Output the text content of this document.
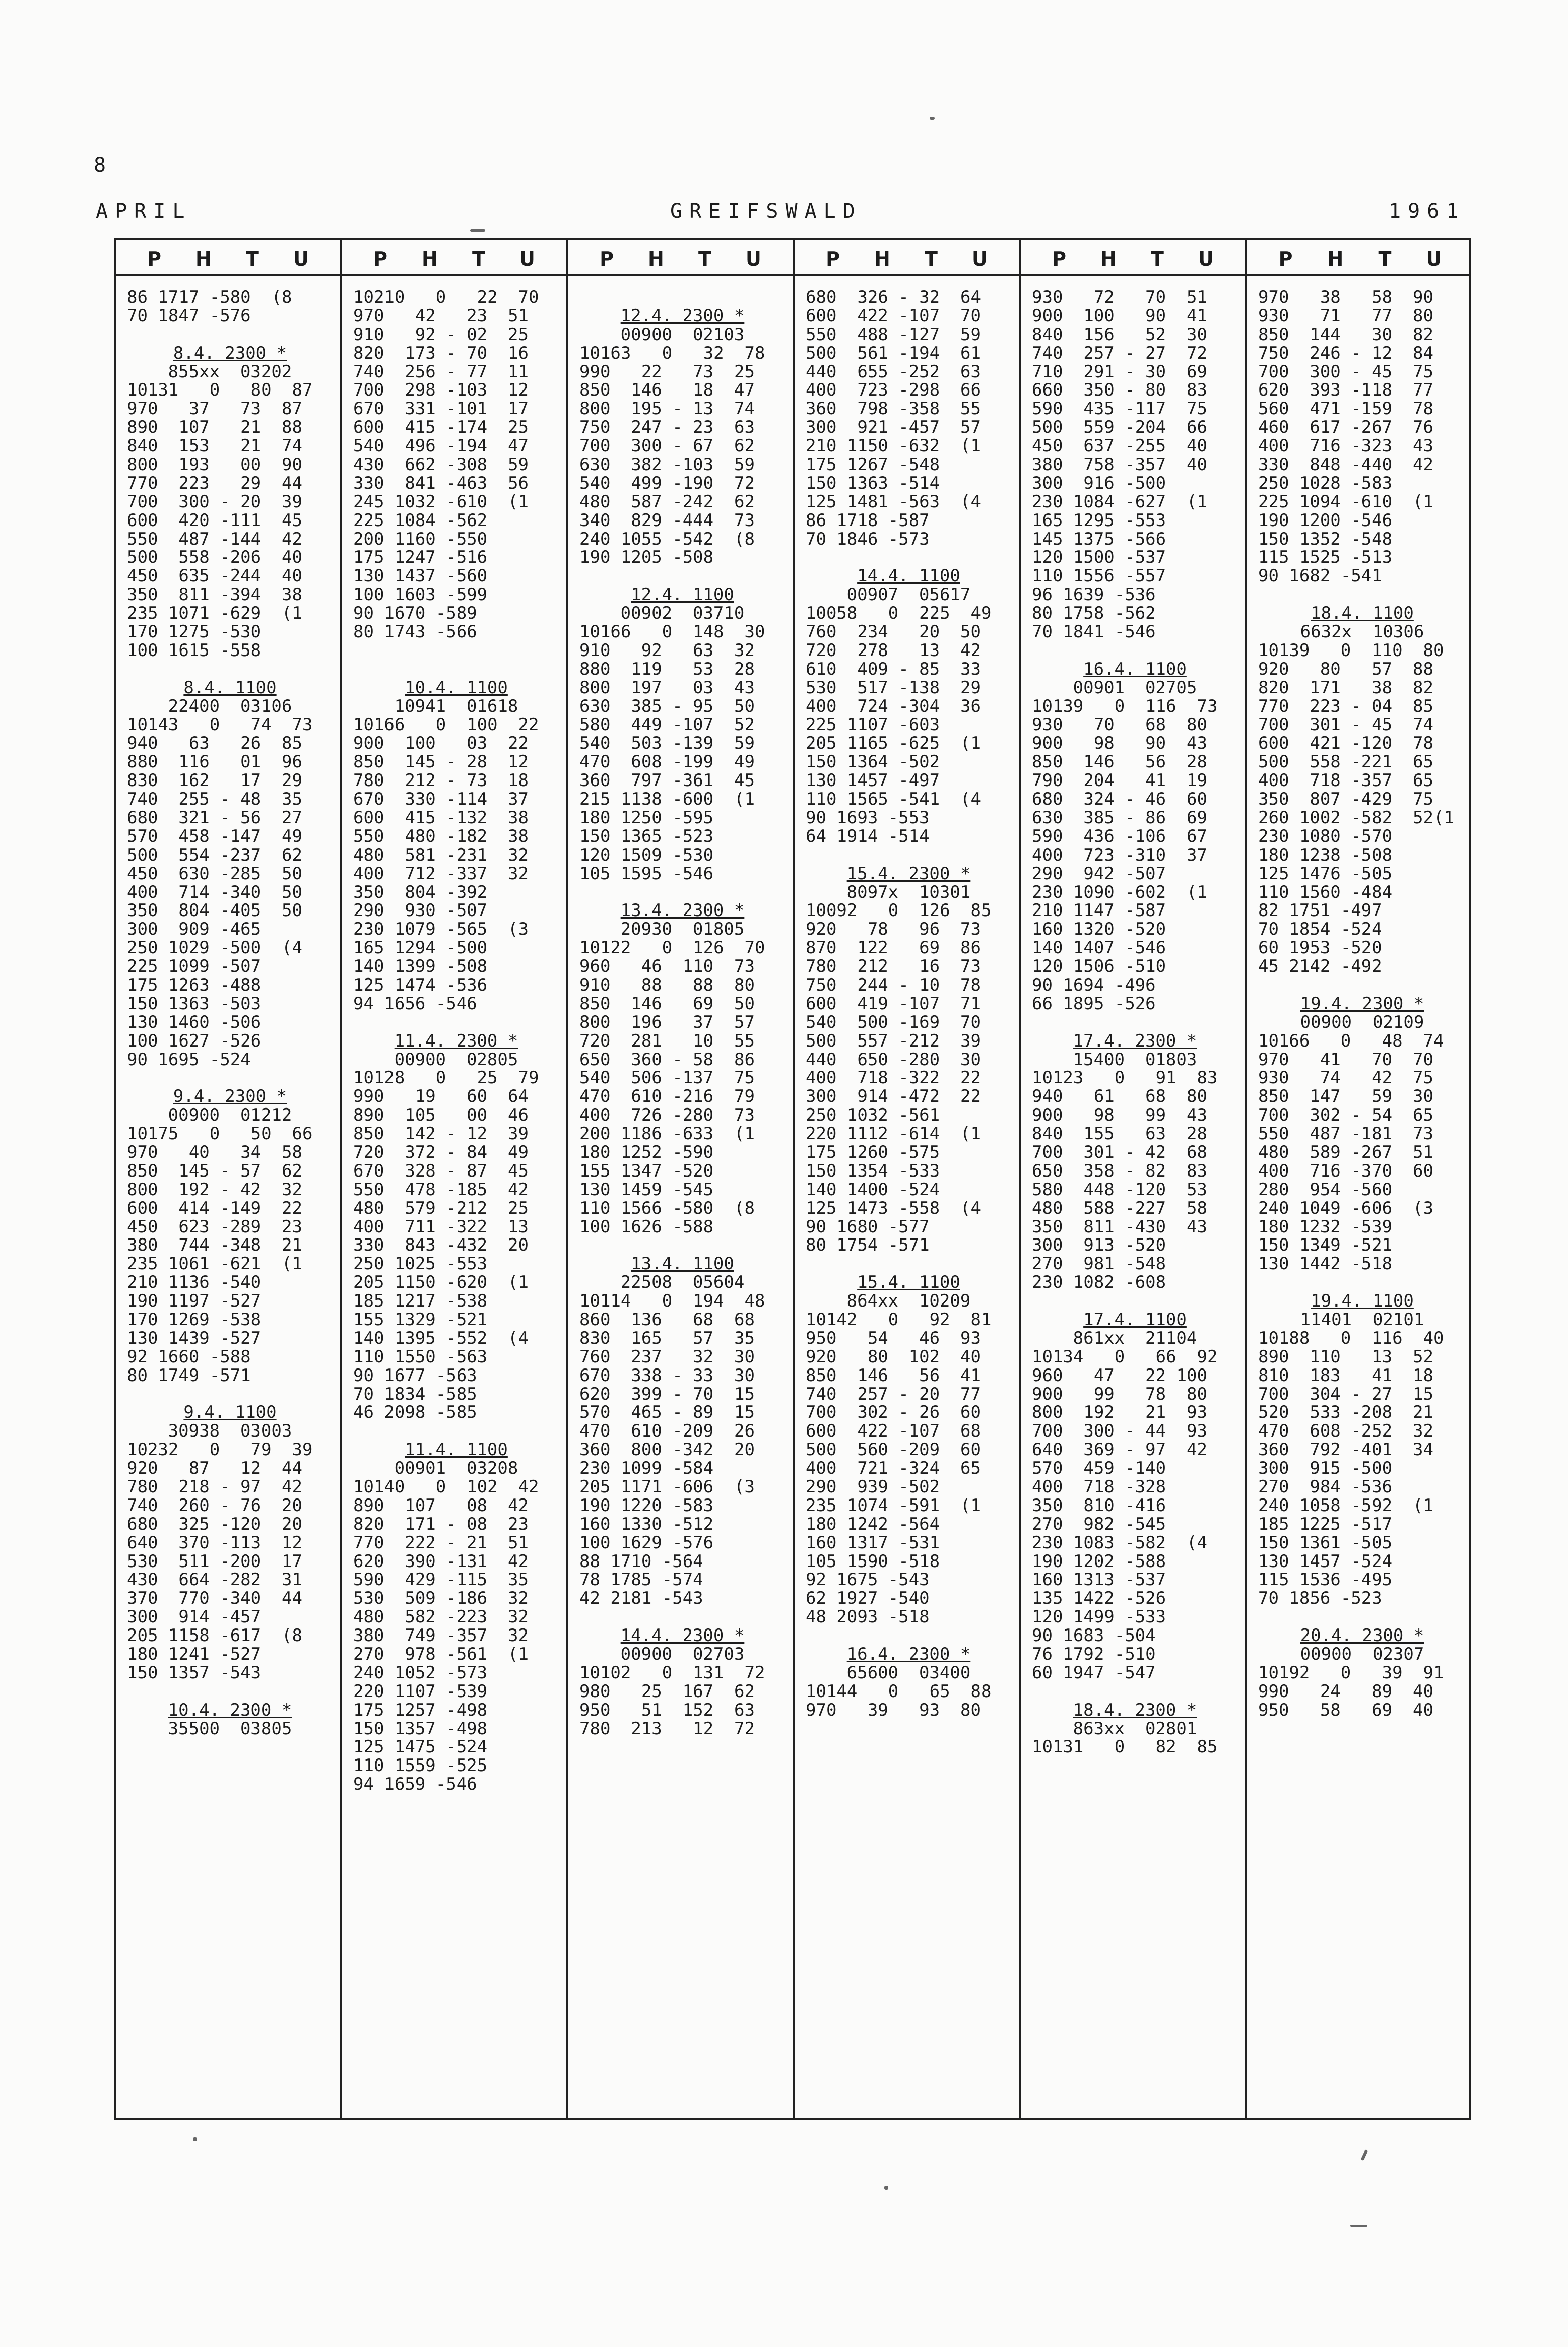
8
APRIL	GREIFSWALD	1961
P H T U
86 1717 -580  (8
70 1847 -576
8.4. 2300 *
855xx  03202
10131   0   80  87
970   37   73  87
890  107   21  88
840  153   21  74
800  193   00  90
770  223   29  44
700  300 - 20  39
600  420 -111  45
550  487 -144  42
500  558 -206  40
450  635 -244  40
350  811 -394  38
235 1071 -629  (1
170 1275 -530
100 1615 -558
8.4. 1100
22400  03106
10143   0   74  73
940   63   26  85
880  116   01  96
830  162   17  29
740  255 - 48  35
680  321 - 56  27
570  458 -147  49
500  554 -237  62
450  630 -285  50
400  714 -340  50
350  804 -405  50
300  909 -465
250 1029 -500  (4
225 1099 -507
175 1263 -488
150 1363 -503
130 1460 -506
100 1627 -526
90 1695 -524
9.4. 2300 *
00900  01212
10175   0   50  66
970   40   34  58
850  145 - 57  62
800  192 - 42  32
600  414 -149  22
450  623 -289  23
380  744 -348  21
235 1061 -621  (1
210 1136 -540
190 1197 -527
170 1269 -538
130 1439 -527
92 1660 -588
80 1749 -571
9.4. 1100
30938  03003
10232   0   79  39
920   87   12  44
780  218 - 97  42
740  260 - 76  20
680  325 -120  20
640  370 -113  12
530  511 -200  17
430  664 -282  31
370  770 -340  44
300  914 -457
205 1158 -617  (8
180 1241 -527
150 1357 -543
10.4. 2300 *
35500  03805
P H T U
10210   0   22  70
970   42   23  51
910   92 - 02  25
820  173 - 70  16
740  256 - 77  11
700  298 -103  12
670  331 -101  17
600  415 -174  25
540  496 -194  47
430  662 -308  59
330  841 -463  56
245 1032 -610  (1
225 1084 -562
200 1160 -550
175 1247 -516
130 1437 -560
100 1603 -599
90 1670 -589
80 1743 -566
10.4. 1100
10941  01618
10166   0  100  22
900  100   03  22
850  145 - 28  12
780  212 - 73  18
670  330 -114  37
600  415 -132  38
550  480 -182  38
480  581 -231  32
400  712 -337  32
350  804 -392
290  930 -507
230 1079 -565  (3
165 1294 -500
140 1399 -508
125 1474 -536
94 1656 -546
11.4. 2300 *
00900  02805
10128   0   25  79
990   19   60  64
890  105   00  46
850  142 - 12  39
720  372 - 84  49
670  328 - 87  45
550  478 -185  42
480  579 -212  25
400  711 -322  13
330  843 -432  20
250 1025 -553
205 1150 -620  (1
185 1217 -538
155 1329 -521
140 1395 -552  (4
110 1550 -563
90 1677 -563
70 1834 -585
46 2098 -585
11.4. 1100
00901  03208
10140   0  102  42
890  107   08  42
820  171 - 08  23
770  222 - 21  51
620  390 -131  42
590  429 -115  35
530  509 -186  32
480  582 -223  32
380  749 -357  32
270  978 -561  (1
240 1052 -573
220 1107 -539
175 1257 -498
150 1357 -498
125 1475 -524
110 1559 -525
94 1659 -546
P H T U
12.4. 2300 *
00900  02103
10163   0   32  78
990   22   73  25
850  146   18  47
800  195 - 13  74
750  247 - 23  63
700  300 - 67  62
630  382 -103  59
540  499 -190  72
480  587 -242  62
340  829 -444  73
240 1055 -542  (8
190 1205 -508
12.4. 1100
00902  03710
10166   0  148  30
910   92   63  32
880  119   53  28
800  197   03  43
630  385 - 95  50
580  449 -107  52
540  503 -139  59
470  608 -199  49
360  797 -361  45
215 1138 -600  (1
180 1250 -595
150 1365 -523
120 1509 -530
105 1595 -546
13.4. 2300 *
20930  01805
10122   0  126  70
960   46  110  73
910   88   88  80
850  146   69  50
800  196   37  57
720  281   10  55
650  360 - 58  86
540  506 -137  75
470  610 -216  79
400  726 -280  73
200 1186 -633  (1
180 1252 -590
155 1347 -520
130 1459 -545
110 1566 -580  (8
100 1626 -588
13.4. 1100
22508  05604
10114   0  194  48
860  136   68  68
830  165   57  35
760  237   32  30
670  338 - 33  30
620  399 - 70  15
570  465 - 89  15
470  610 -209  26
360  800 -342  20
230 1099 -584
205 1171 -606  (3
190 1220 -583
160 1330 -512
100 1629 -576
88 1710 -564
78 1785 -574
42 2181 -543
14.4. 2300 *
00900  02703
10102   0  131  72
980   25  167  62
950   51  152  63
780  213   12  72
P H T U
680  326 - 32  64
600  422 -107  70
550  488 -127  59
500  561 -194  61
440  655 -252  63
400  723 -298  66
360  798 -358  55
300  921 -457  57
210 1150 -632  (1
175 1267 -548
150 1363 -514
125 1481 -563  (4
86 1718 -587
70 1846 -573
14.4. 1100
00907  05617
10058   0  225  49
760  234   20  50
720  278   13  42
610  409 - 85  33
530  517 -138  29
400  724 -304  36
225 1107 -603
205 1165 -625  (1
150 1364 -502
130 1457 -497
110 1565 -541  (4
90 1693 -553
64 1914 -514
15.4. 2300 *
8097x  10301
10092   0  126  85
920   78   96  73
870  122   69  86
780  212   16  73
750  244 - 10  78
600  419 -107  71
540  500 -169  70
500  557 -212  39
440  650 -280  30
400  718 -322  22
300  914 -472  22
250 1032 -561
220 1112 -614  (1
175 1260 -575
150 1354 -533
140 1400 -524
125 1473 -558  (4
90 1680 -577
80 1754 -571
15.4. 1100
864xx  10209
10142   0   92  81
950   54   46  93
920   80  102  40
850  146   56  41
740  257 - 20  77
700  302 - 26  60
600  422 -107  68
500  560 -209  60
400  721 -324  65
290  939 -502
235 1074 -591  (1
180 1242 -564
160 1317 -531
105 1590 -518
92 1675 -543
62 1927 -540
48 2093 -518
16.4. 2300 *
65600  03400
10144   0   65  88
970   39   93  80
P H T U
930   72   70  51
900  100   90  41
840  156   52  30
740  257 - 27  72
710  291 - 30  69
660  350 - 80  83
590  435 -117  75
500  559 -204  66
450  637 -255  40
380  758 -357  40
300  916 -500
230 1084 -627  (1
165 1295 -553
145 1375 -566
120 1500 -537
110 1556 -557
96 1639 -536
80 1758 -562
70 1841 -546
16.4. 1100
00901  02705
10139   0  116  73
930   70   68  80
900   98   90  43
850  146   56  28
790  204   41  19
680  324 - 46  60
630  385 - 86  69
590  436 -106  67
400  723 -310  37
290  942 -507
230 1090 -602  (1
210 1147 -587
160 1320 -520
140 1407 -546
120 1506 -510
90 1694 -496
66 1895 -526
17.4. 2300 *
15400  01803
10123   0   91  83
940   61   68  80
900   98   99  43
840  155   63  28
700  301 - 42  68
650  358 - 82  83
580  448 -120  53
480  588 -227  58
350  811 -430  43
300  913 -520
270  981 -548
230 1082 -608
17.4. 1100
861xx  21104
10134   0   66  92
960   47   22 100
900   99   78  80
800  192   21  93
700  300 - 44  93
640  369 - 97  42
570  459 -140
400  718 -328
350  810 -416
270  982 -545
230 1083 -582  (4
190 1202 -588
160 1313 -537
135 1422 -526
120 1499 -533
90 1683 -504
76 1792 -510
60 1947 -547
18.4. 2300 *
863xx  02801
10131   0   82  85
P H T U
970   38   58  90
930   71   77  80
850  144   30  82
750  246 - 12  84
700  300 - 45  75
620  393 -118  77
560  471 -159  78
460  617 -267  76
400  716 -323  43
330  848 -440  42
250 1028 -583
225 1094 -610  (1
190 1200 -546
150 1352 -548
115 1525 -513
90 1682 -541
18.4. 1100
6632x  10306
10139   0  110  80
920   80   57  88
820  171   38  82
770  223 - 04  85
700  301 - 45  74
600  421 -120  78
500  558 -221  65
400  718 -357  65
350  807 -429  75
260 1002 -582  52(1
230 1080 -570
180 1238 -508
125 1476 -505
110 1560 -484
82 1751 -497
70 1854 -524
60 1953 -520
45 2142 -492
19.4. 2300 *
00900  02109
10166   0   48  74
970   41   70  70
930   74   42  75
850  147   59  30
700  302 - 54  65
550  487 -181  73
480  589 -267  51
400  716 -370  60
280  954 -560
240 1049 -606  (3
180 1232 -539
150 1349 -521
130 1442 -518
19.4. 1100
11401  02101
10188   0  116  40
890  110   13  52
810  183   41  18
700  304 - 27  15
520  533 -208  21
470  608 -252  32
360  792 -401  34
300  915 -500
270  984 -536
240 1058 -592  (1
185 1225 -517
150 1361 -505
130 1457 -524
115 1536 -495
70 1856 -523
20.4. 2300 *
00900  02307
10192   0   39  91
990   24   89  40
950   58   69  40
